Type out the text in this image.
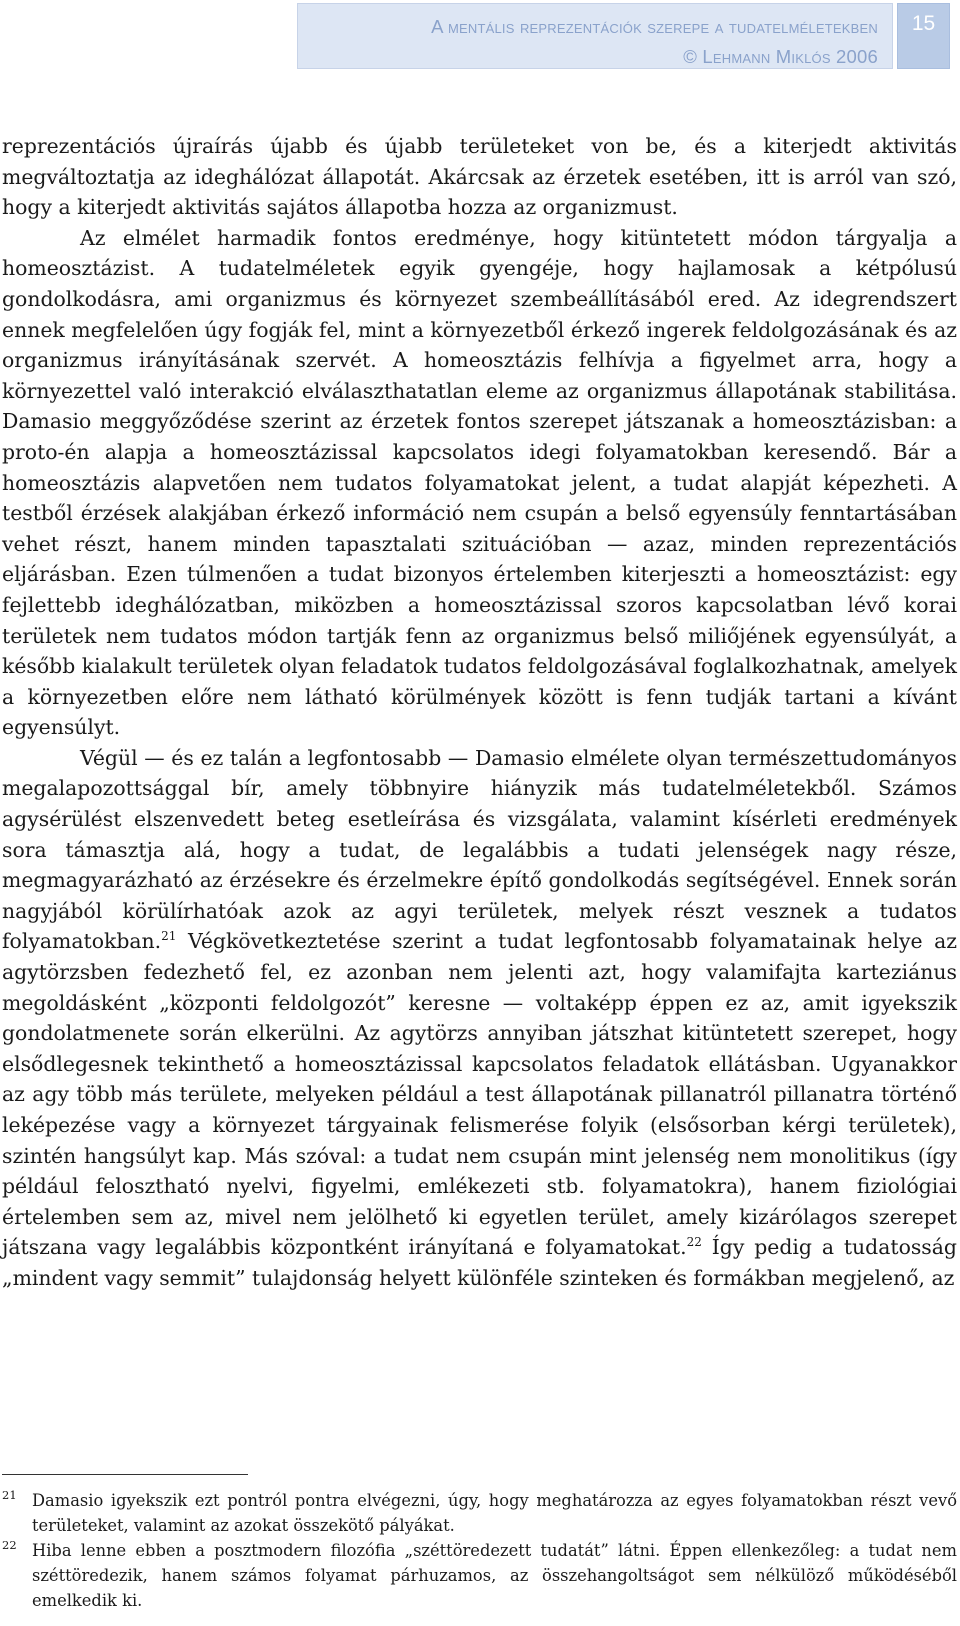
A mentális reprezentációk szerepe a tudatelméletekben
© Lehmann Miklós 2006
15

reprezentációs újraírás újabb és újabb területeket von be, és a kiterjedt aktivitás megváltoztatja az ideghálózat állapotát. Akárcsak az érzetek esetében, itt is arról van szó, hogy a kiterjedt aktivitás sajátos állapotba hozza az organizmust.

Az elmélet harmadik fontos eredménye, hogy kitüntetett módon tárgyalja a homeosztázist. A tudatelméletek egyik gyengéje, hogy hajlamosak a kétpólusú gondolkodásra, ami organizmus és környezet szembeállításából ered. Az idegrendszert ennek megfelelően úgy fogják fel, mint a környezetből érkező ingerek feldolgozásának és az organizmus irányításának szervét. A homeosztázis felhívja a figyelmet arra, hogy a környezettel való interakció elválaszthatatlan eleme az organizmus állapotának stabilitása. Damasio meggyőződése szerint az érzetek fontos szerepet játszanak a homeosztázisban: a proto-én alapja a homeosztázissal kapcsolatos idegi folyamatokban keresendő. Bár a homeosztázis alapvetően nem tudatos folyamatokat jelent, a tudat alapját képezheti. A testből érzések alakjában érkező információ nem csupán a belső egyensúly fenntartásában vehet részt, hanem minden tapasztalati szituációban — azaz, minden reprezentációs eljárásban. Ezen túlmenően a tudat bizonyos értelemben kiterjeszti a homeosztázist: egy fejlettebb ideghálózatban, miközben a homeosztázissal szoros kapcsolatban lévő korai területek nem tudatos módon tartják fenn az organizmus belső miliőjének egyensúlyát, a később kialakult területek olyan feladatok tudatos feldolgozásával foglalkozhatnak, amelyek a környezetben előre nem látható körülmények között is fenn tudják tartani a kívánt egyensúlyt.

Végül — és ez talán a legfontosabb — Damasio elmélete olyan természettudományos megalapozottsággal bír, amely többnyire hiányzik más tudatelméletekből. Számos agysérülést elszenvedett beteg esetleírása és vizsgálata, valamint kísérleti eredmények sora támasztja alá, hogy a tudat, de legalábbis a tudati jelenségek nagy része, megmagyarázható az érzésekre és érzelmekre építő gondolkodás segítségével. Ennek során nagyjából körülírhatóak azok az agyi területek, melyek részt vesznek a tudatos folyamatokban.$^{21}$ Végkövetkeztetése szerint a tudat legfontosabb folyamatainak helye az agytörzsben fedezhető fel, ez azonban nem jelenti azt, hogy valamifajta karteziánus megoldásként „központi feldolgozót” keresne — voltaképp éppen ez az, amit igyekszik gondolatmenete során elkerülni. Az agytörzs annyiban játszhat kitüntetett szerepet, hogy elsődlegesnek tekinthető a homeosztázissal kapcsolatos feladatok ellátásban. Ugyanakkor az agy több más területe, melyeken például a test állapotának pillanatról pillanatra történő leképezése vagy a környezet tárgyainak felismerése folyik (elsősorban kérgi területek), szintén hangsúlyt kap. Más szóval: a tudat nem csupán mint jelenség nem monolitikus (így például felosztható nyelvi, figyelmi, emlékezeti stb. folyamatokra), hanem fiziológiai értelemben sem az, mivel nem jelölhető ki egyetlen terület, amely kizárólagos szerepet játszana vagy legalábbis központként irányítaná e folyamatokat.$^{22}$ Így pedig a tudatosság „mindent vagy semmit” tulajdonság helyett különféle szinteken és formákban megjelenő, az

21 Damasio igyekszik ezt pontról pontra elvégezni, úgy, hogy meghatározza az egyes folyamatokban részt vevő területeket, valamint az azokat összekötő pályákat.

22 Hiba lenne ebben a posztmodern filozófia „széttöredezett tudatát” látni. Éppen ellenkezőleg: a tudat nem széttöredezik, hanem számos folyamat párhuzamos, az összehangoltságot sem nélkülöző működéséből emelkedik ki.
